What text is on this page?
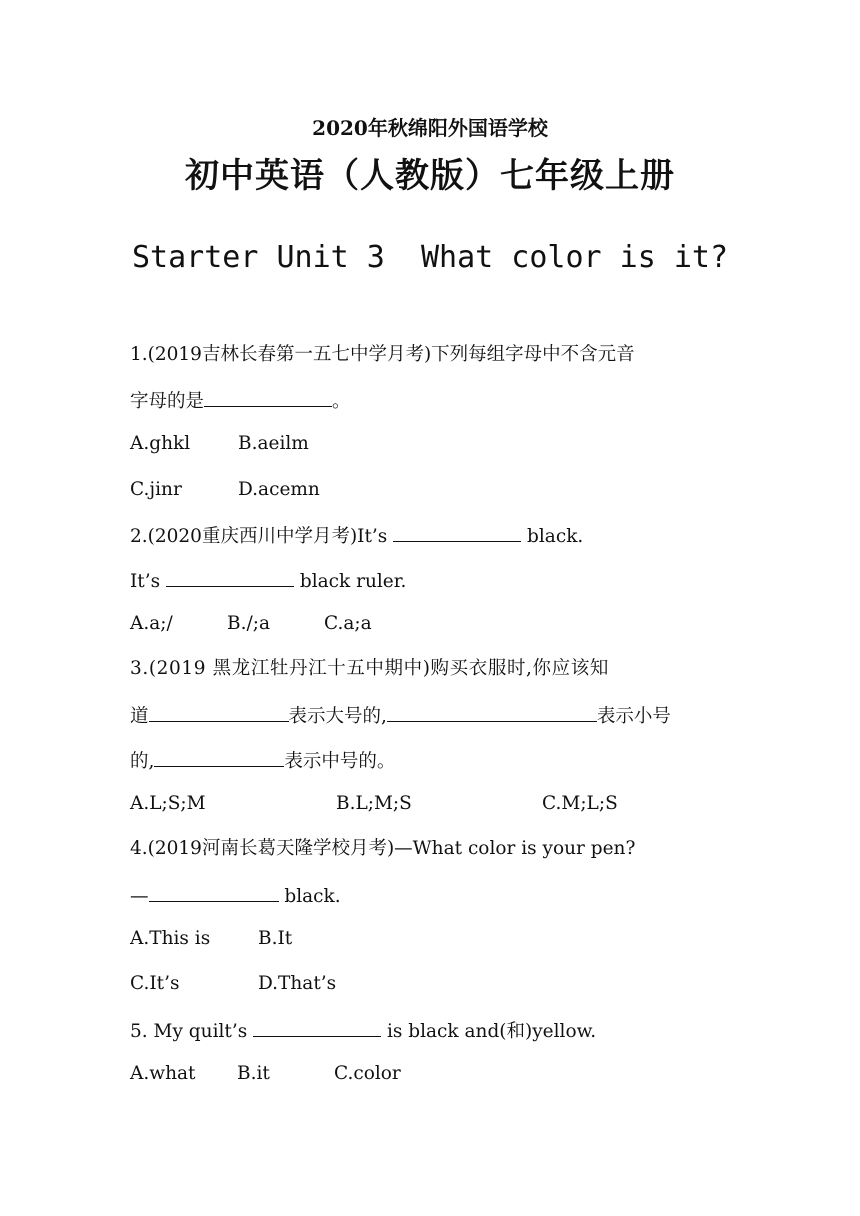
2020年秋绵阳外国语学校
初中英语（人教版）七年级上册
Starter Unit 3  What color is it?
1.(2019吉林长春第一五七中学月考)下列每组字母中不含元音
字母的是	。
A.ghkl	B.aeilm
C.jinr	D.acemn
2.(2020重庆西川中学月考)It’s	black.
It’s	black ruler.
A.a;/	B./;a	C.a;a
3.(2019 黑龙江牡丹江十五中期中)购买衣服时,你应该知
道	表示大号的,	表示小号
的,	表示中号的。
A.L;S;M	B.L;M;S	C.M;L;S
4.(2019河南长葛天隆学校月考)—What color is your pen?
—	black.
A.This is	B.It
C.It’s	D.That’s
5. My quilt’s	is black and(和)yellow.
A.what B.it	C.color
